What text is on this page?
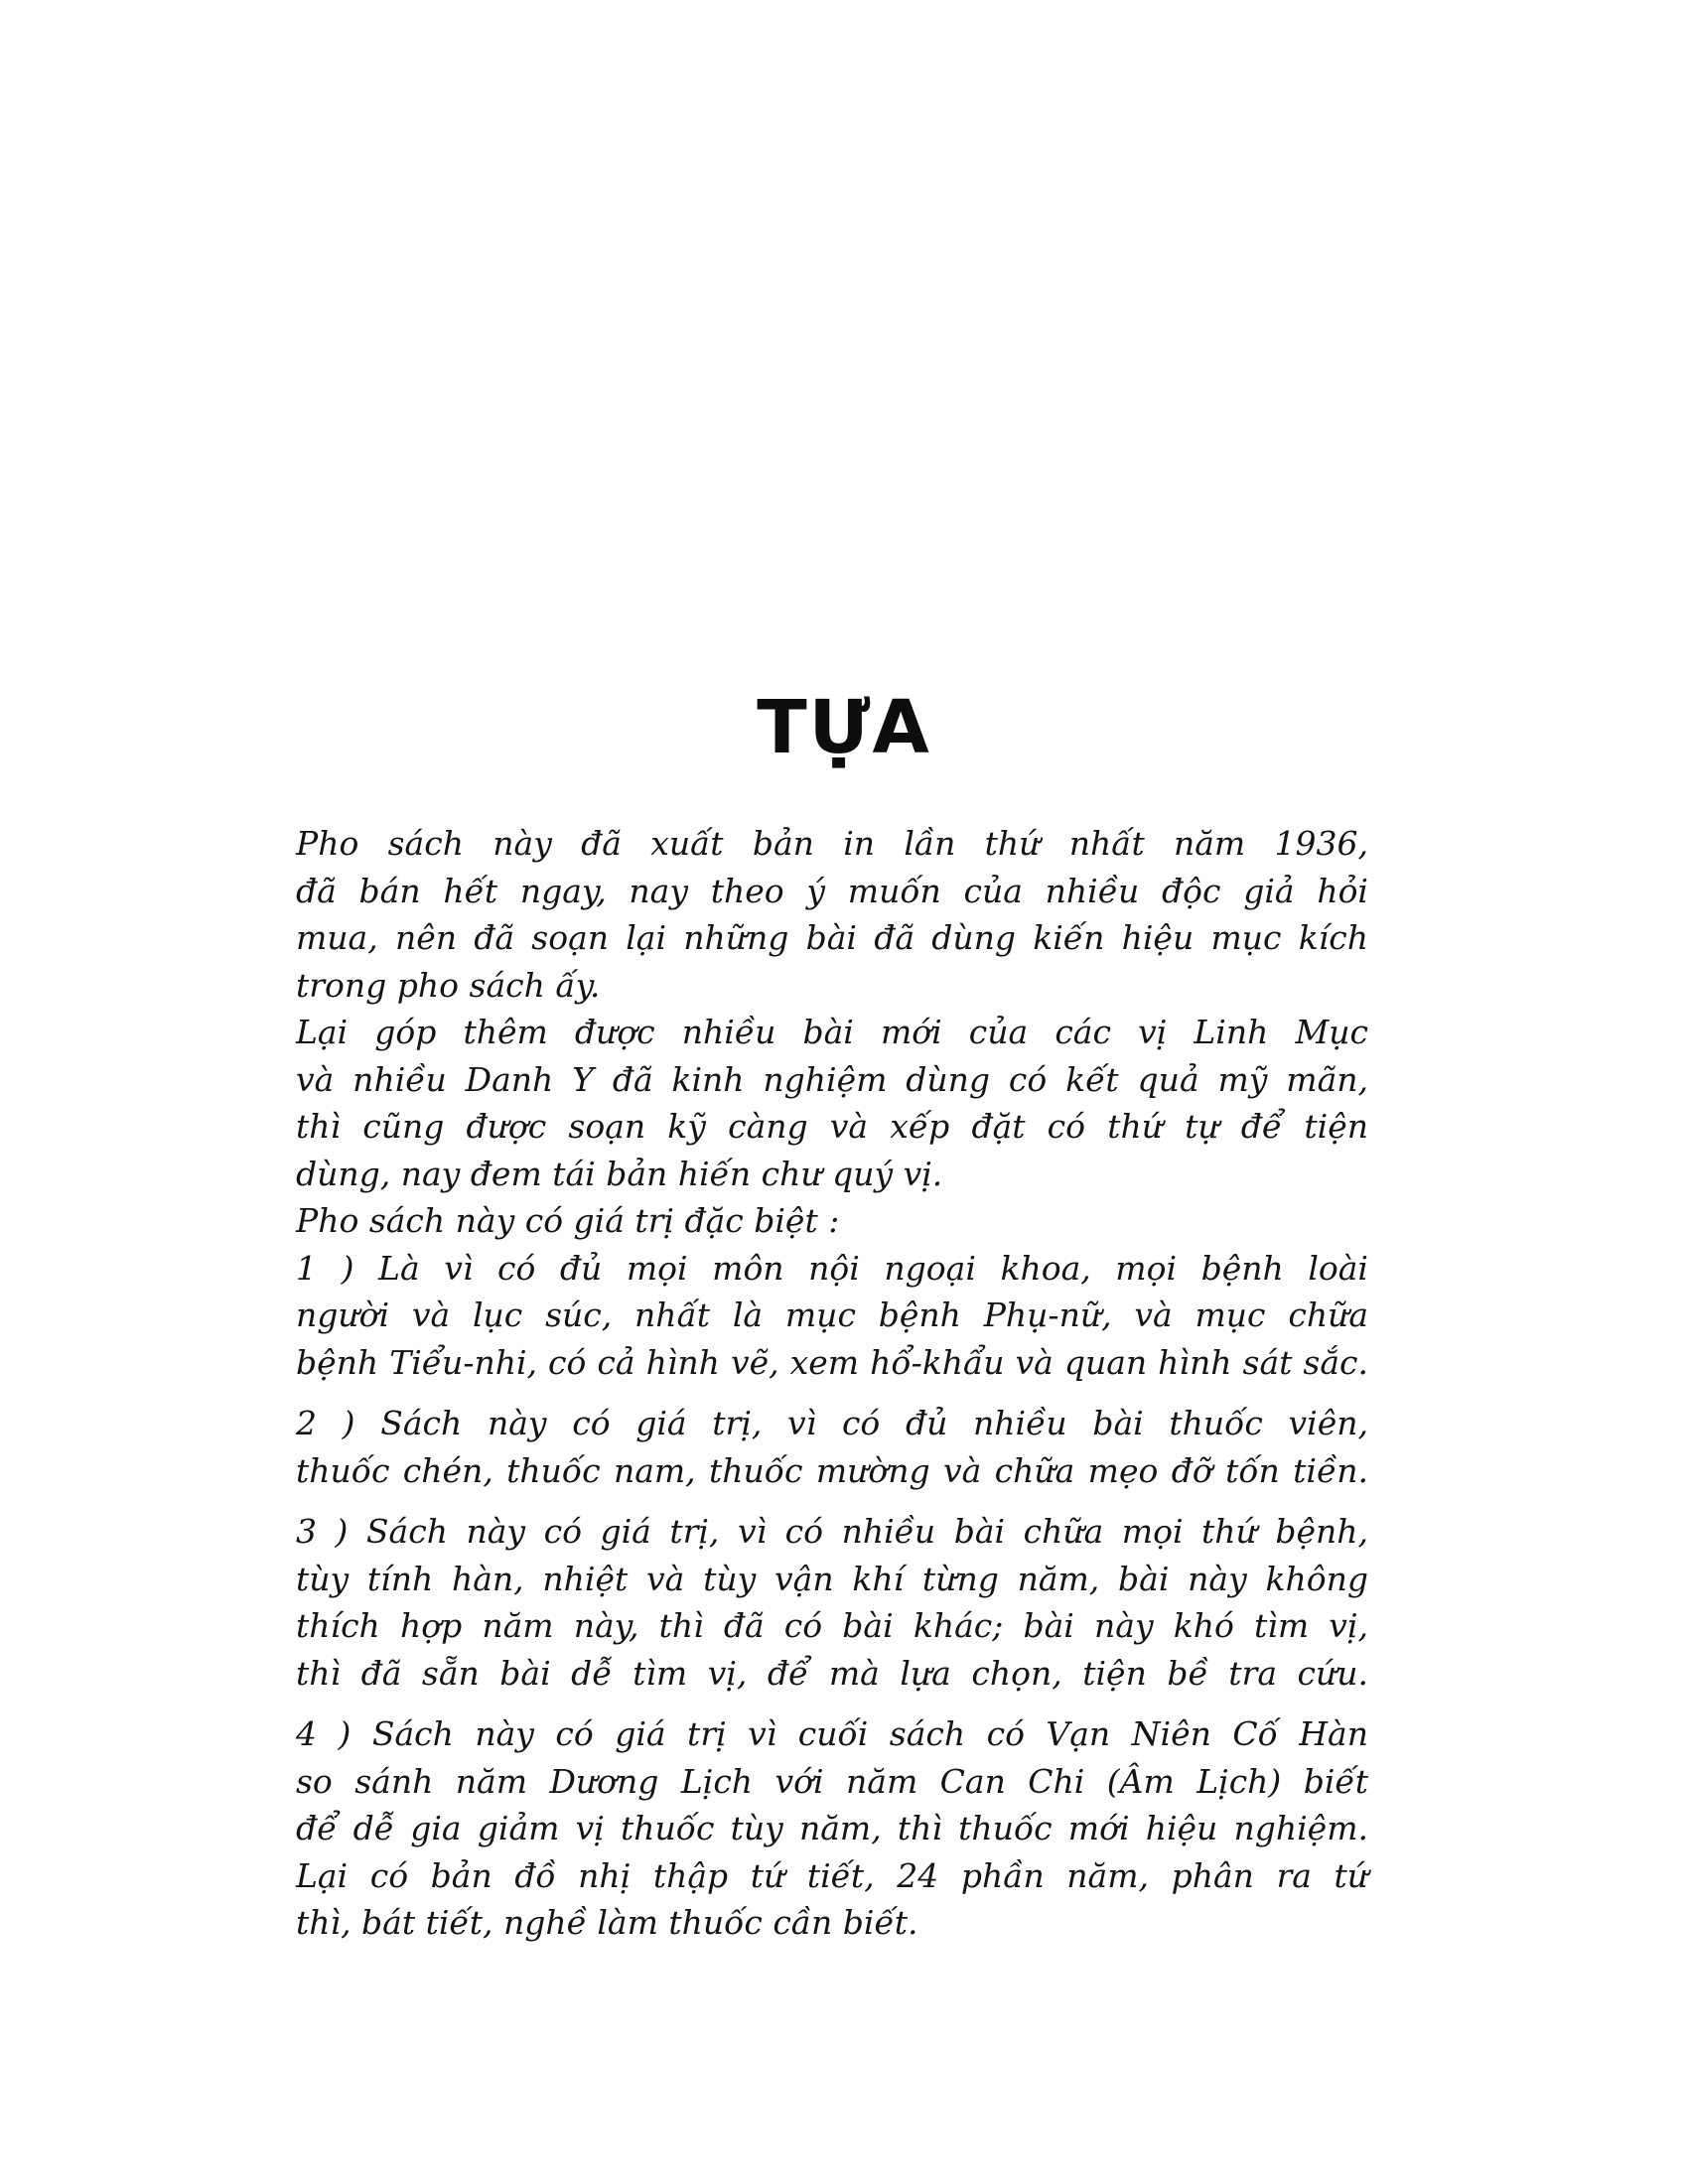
TỰA
Pho sách này đã xuất bản in lần thứ nhất năm 1936,
đã bán hết ngay, nay theo ý muốn của nhiều độc giả hỏi
mua, nên đã soạn lại những bài đã dùng kiến hiệu mục kích
trong pho sách ấy.
Lại góp thêm được nhiều bài mới của các vị Linh Mục
và nhiều Danh Y đã kinh nghiệm dùng có kết quả mỹ mãn,
thì cũng được soạn kỹ càng và xếp đặt có thứ tự để tiện
dùng, nay đem tái bản hiến chư quý vị.
Pho sách này có giá trị đặc biệt :
1 ) Là vì có đủ mọi môn nội ngoại khoa, mọi bệnh loài
người và lục súc, nhất là mục bệnh Phụ-nữ, và mục chữa
bệnh Tiểu-nhi, có cả hình vẽ, xem hổ-khẩu và quan hình sát sắc.
2 ) Sách này có giá trị, vì có đủ nhiều bài thuốc viên,
thuốc chén, thuốc nam, thuốc mường và chữa mẹo đỡ tốn tiền.
3 ) Sách này có giá trị, vì có nhiều bài chữa mọi thứ bệnh,
tùy tính hàn, nhiệt và tùy vận khí từng năm, bài này không
thích hợp năm này, thì đã có bài khác; bài này khó tìm vị,
thì đã sẵn bài dễ tìm vị, để mà lựa chọn, tiện bề tra cứu.
4 ) Sách này có giá trị vì cuối sách có Vạn Niên Cố Hàn
so sánh năm Dương Lịch với năm Can Chi (Âm Lịch) biết
để dễ gia giảm vị thuốc tùy năm, thì thuốc mới hiệu nghiệm.
Lại có bản đồ nhị thập tứ tiết, 24 phần năm, phân ra tứ
thì, bát tiết, nghề làm thuốc cần biết.
